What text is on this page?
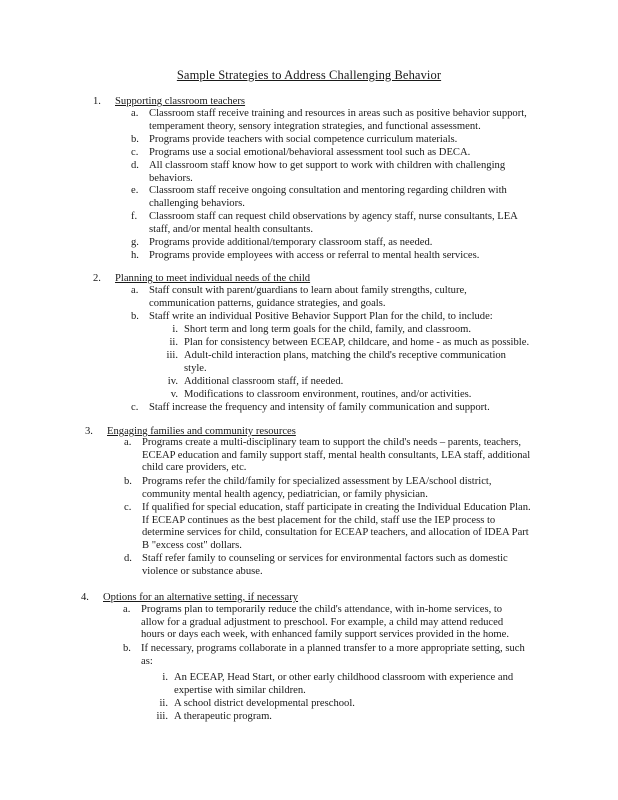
Sample Strategies to Address Challenging Behavior
1. Supporting classroom teachers
a.	Classroom staff receive training and resources in areas such as positive behavior support, temperament theory, sensory integration strategies, and functional assessment.
b. Programs provide teachers with social competence curriculum materials.
c.	Programs use a social emotional/behavioral assessment tool such as DECA.
d. All classroom staff know how to get support to work with children with challenging behaviors.
e.	Classroom staff receive ongoing consultation and mentoring regarding children with challenging behaviors.
f.	Classroom staff can request child observations by agency staff, nurse consultants, LEA staff, and/or mental health consultants.
g. Programs provide additional/temporary classroom staff, as needed.
h. Programs provide employees with access or referral to mental health services.
2. Planning to meet individual needs of the child
a.	Staff consult with parent/guardians to learn about family strengths, culture, communication patterns, guidance strategies, and goals.
b. Staff write an individual Positive Behavior Support Plan for the child, to include:
i. Short term and long term goals for the child, family, and classroom.
ii. Plan for consistency between ECEAP, childcare, and home - as much as possible.
iii. Adult-child interaction plans, matching the child's receptive communication style.
iv. Additional classroom staff, if needed.
v. Modifications to classroom environment, routines, and/or activities.
c.	Staff increase the frequency and intensity of family communication and support.
3. Engaging families and community resources
a.	Programs create a multi-disciplinary team to support the child's needs – parents, teachers, ECEAP education and family support staff, mental health consultants, LEA staff, additional child care providers, etc.
b. Programs refer the child/family for specialized assessment by LEA/school district, community mental health agency, pediatrician, or family physician.
c.	If qualified for special education, staff participate in creating the Individual Education Plan. If ECEAP continues as the best placement for the child, staff use the IEP process to determine services for child, consultation for ECEAP teachers, and allocation of IDEA Part B "excess cost" dollars.
d. Staff refer family to counseling or services for environmental factors such as domestic violence or substance abuse.
4. Options for an alternative setting, if necessary
a.	Programs plan to temporarily reduce the child's attendance, with in-home services, to allow for a gradual adjustment to preschool. For example, a child may attend reduced hours or days each week, with enhanced family support services provided in the home.
b. If necessary, programs collaborate in a planned transfer to a more appropriate setting, such as:
i. An ECEAP, Head Start, or other early childhood classroom with experience and expertise with similar children.
ii. A school district developmental preschool.
iii. A therapeutic program.
